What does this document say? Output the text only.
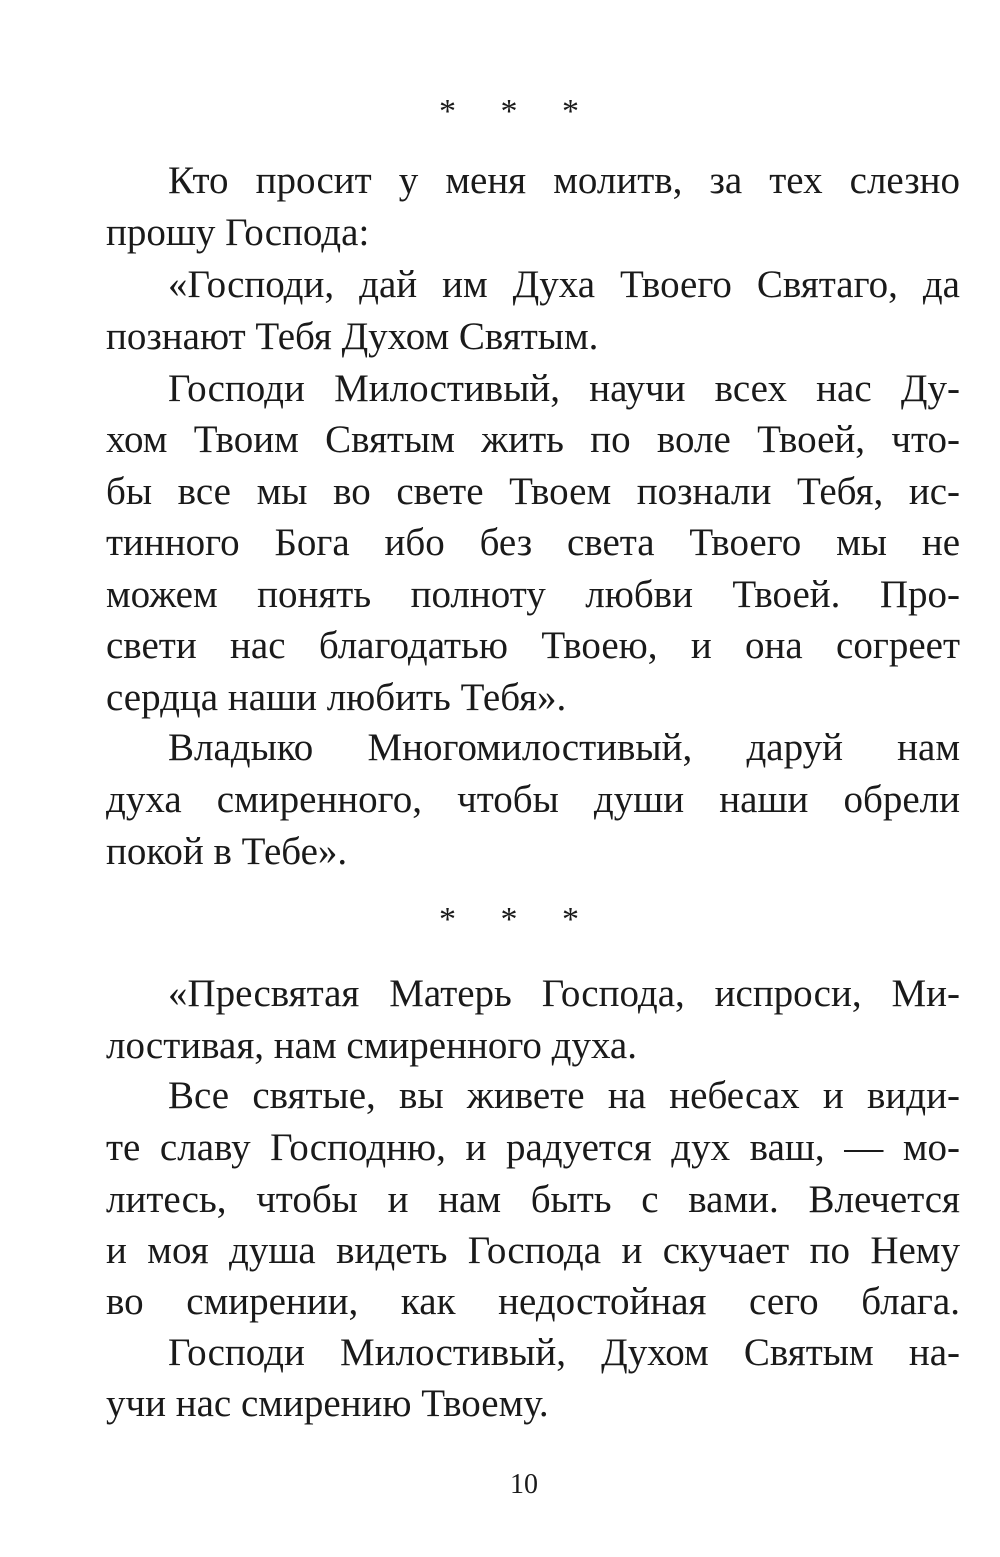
* * *
Кто просит у меня молитв, за тех слезно
прошу Господа:
«Господи, дай им Духа Твоего Святаго, да
познают Тебя Духом Святым.
Господи Милостивый, научи всех нас Ду-
хом Твоим Святым жить по воле Твоей, что-
бы все мы во свете Твоем познали Тебя, ис-
тинного Бога ибо без света Твоего мы не
можем понять полноту любви Твоей. Про-
свети нас благодатью Твоею, и она согреет
сердца наши любить Тебя».
Владыко Многомилостивый, даруй нам
духа смиренного, чтобы души наши обрели
покой в Тебе».
* * *
«Пресвятая Матерь Господа, испроси, Ми-
лостивая, нам смиренного духа.
Все святые, вы живете на небесах и види-
те славу Господню, и радуется дух ваш, — мо-
литесь, чтобы и нам быть с вами. Влечется
и моя душа видеть Господа и скучает по Нему
во смирении, как недостойная сего блага.
Господи Милостивый, Духом Святым на-
учи нас смирению Твоему.
10
